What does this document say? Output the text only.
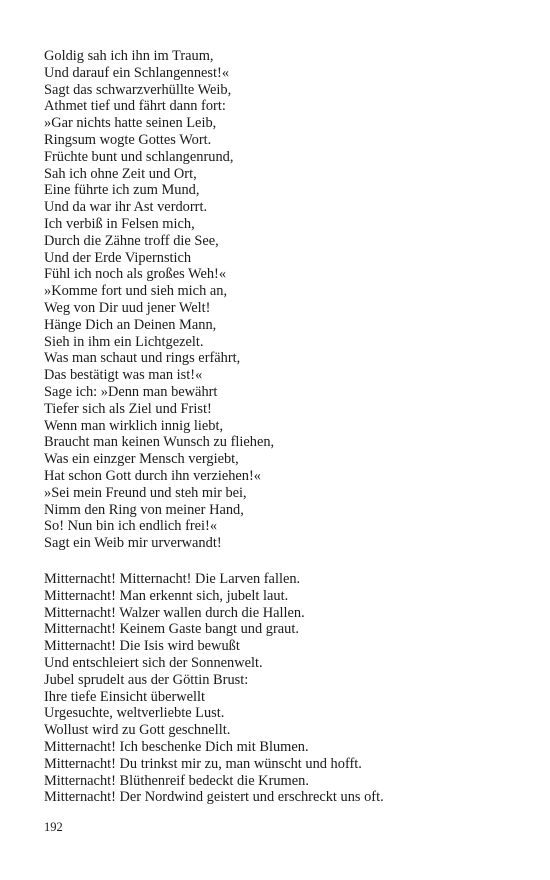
Goldig sah ich ihn im Traum,
Und darauf ein Schlangennest!«
Sagt das schwarzverhüllte Weib,
Athmet tief und fährt dann fort:
»Gar nichts hatte seinen Leib,
Ringsum wogte Gottes Wort.
Früchte bunt und schlangenrund,
Sah ich ohne Zeit und Ort,
Eine führte ich zum Mund,
Und da war ihr Ast verdorrt.
Ich verbiß in Felsen mich,
Durch die Zähne troff die See,
Und der Erde Vipernstich
Fühl ich noch als großes Weh!«
»Komme fort und sieh mich an,
Weg von Dir uud jener Welt!
Hänge Dich an Deinen Mann,
Sieh in ihm ein Lichtgezelt.
Was man schaut und rings erfährt,
Das bestätigt was man ist!«
Sage ich: »Denn man bewährt
Tiefer sich als Ziel und Frist!
Wenn man wirklich innig liebt,
Braucht man keinen Wunsch zu fliehen,
Was ein einzger Mensch vergiebt,
Hat schon Gott durch ihn verziehen!«
»Sei mein Freund und steh mir bei,
Nimm den Ring von meiner Hand,
So! Nun bin ich endlich frei!«
Sagt ein Weib mir urverwandt!
Mitternacht! Mitternacht! Die Larven fallen.
Mitternacht! Man erkennt sich, jubelt laut.
Mitternacht! Walzer wallen durch die Hallen.
Mitternacht! Keinem Gaste bangt und graut.
Mitternacht! Die Isis wird bewußt
Und entschleiert sich der Sonnenwelt.
Jubel sprudelt aus der Göttin Brust:
Ihre tiefe Einsicht überwellt
Urgesuchte, weltverliebte Lust.
Wollust wird zu Gott geschnellt.
Mitternacht! Ich beschenke Dich mit Blumen.
Mitternacht! Du trinkst mir zu, man wünscht und hofft.
Mitternacht! Blüthenreif bedeckt die Krumen.
Mitternacht! Der Nordwind geistert und erschreckt uns oft.
192
